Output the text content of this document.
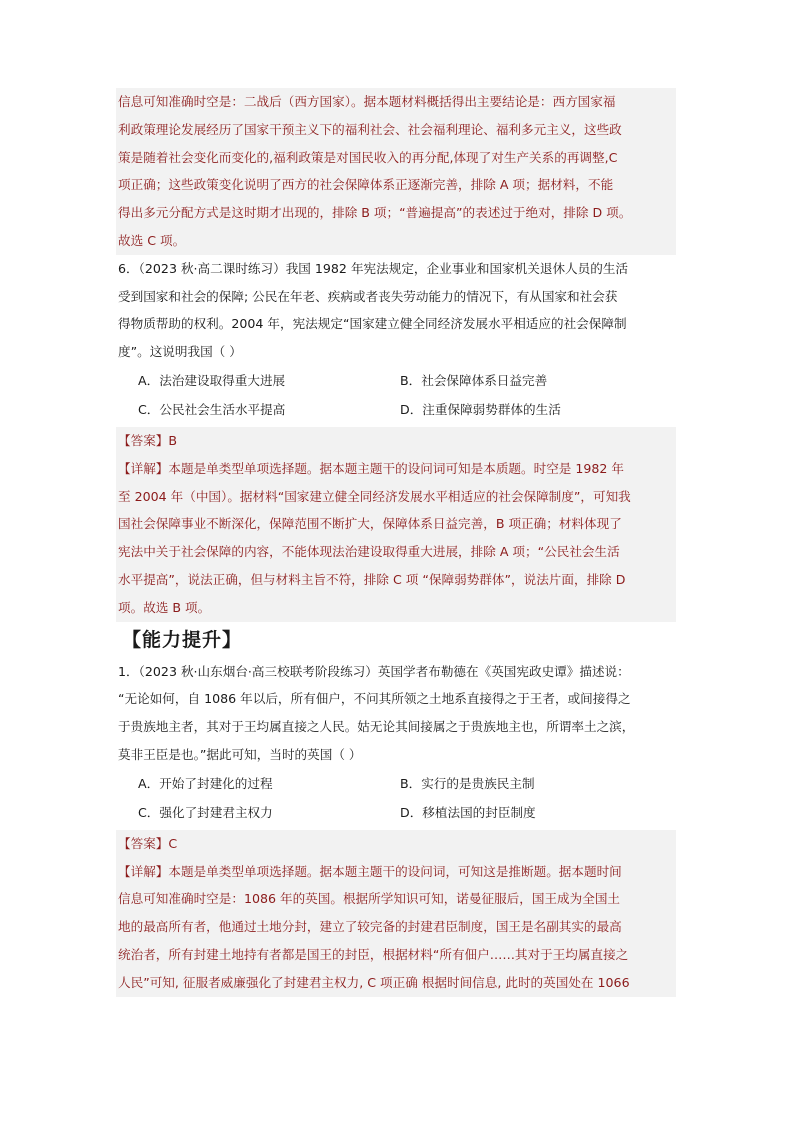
信息可知准确时空是：二战后（西方国家）。据本题材料概括得出主要结论是：西方国家福

利政策理论发展经历了国家干预主义下的福利社会、社会福利理论、福利多元主义，这些政

策是随着社会变化而变化的,福利政策是对国民收入的再分配,体现了对生产关系的再调整,C

项正确；这些政策变化说明了西方的社会保障体系正逐渐完善，排除 A 项；据材料，不能

得出多元分配方式是这时期才出现的，排除 B 项；“普遍提高”的表述过于绝对，排除 D 项。

故选 C 项。

6．（2023 秋·高二课时练习）我国 1982 年宪法规定，企业事业和国家机关退休人员的生活

受到国家和社会的保障; 公民在年老、疾病或者丧失劳动能力的情况下，有从国家和社会获

得物质帮助的权利。2004 年，宪法规定“国家建立健全同经济发展水平相适应的社会保障制

度”。这说明我国（ ）

A．法治建设取得重大进展	B．社会保障体系日益完善
C．公民社会生活水平提高	D．注重保障弱势群体的生活

【答案】B

【详解】本题是单类型单项选择题。据本题主题干的设问词可知是本质题。时空是 1982 年

至 2004 年（中国）。据材料“国家建立健全同经济发展水平相适应的社会保障制度”，可知我

国社会保障事业不断深化，保障范围不断扩大，保障体系日益完善，B 项正确；材料体现了

宪法中关于社会保障的内容，不能体现法治建设取得重大进展，排除 A 项；“公民社会生活

水平提高”，说法正确，但与材料主旨不符，排除 C 项 “保障弱势群体”，说法片面，排除 D

项。故选 B 项。

【能力提升】

1．（2023 秋·山东烟台·高三校联考阶段练习）英国学者布勒德在《英国宪政史谭》描述说：

“无论如何，自 1086 年以后，所有佃户，不问其所领之土地系直接得之于王者，或间接得之

于贵族地主者，其对于王均属直接之人民。姑无论其间接属之于贵族地主也，所谓率土之滨，

莫非王臣是也。”据此可知，当时的英国（ ）

A．开始了封建化的过程	B．实行的是贵族民主制
C．强化了封建君主权力	D．移植法国的封臣制度

【答案】C

【详解】本题是单类型单项选择题。据本题主题干的设问词，可知这是推断题。据本题时间

信息可知准确时空是：1086 年的英国。根据所学知识可知，诺曼征服后，国王成为全国土

地的最高所有者，他通过土地分封，建立了较完备的封建君臣制度，国王是名副其实的最高

统治者，所有封建土地持有者都是国王的封臣，根据材料“所有佃户……其对于王均属直接之

人民”可知, 征服者威廉强化了封建君主权力, C 项正确 根据时间信息, 此时的英国处在 1066
